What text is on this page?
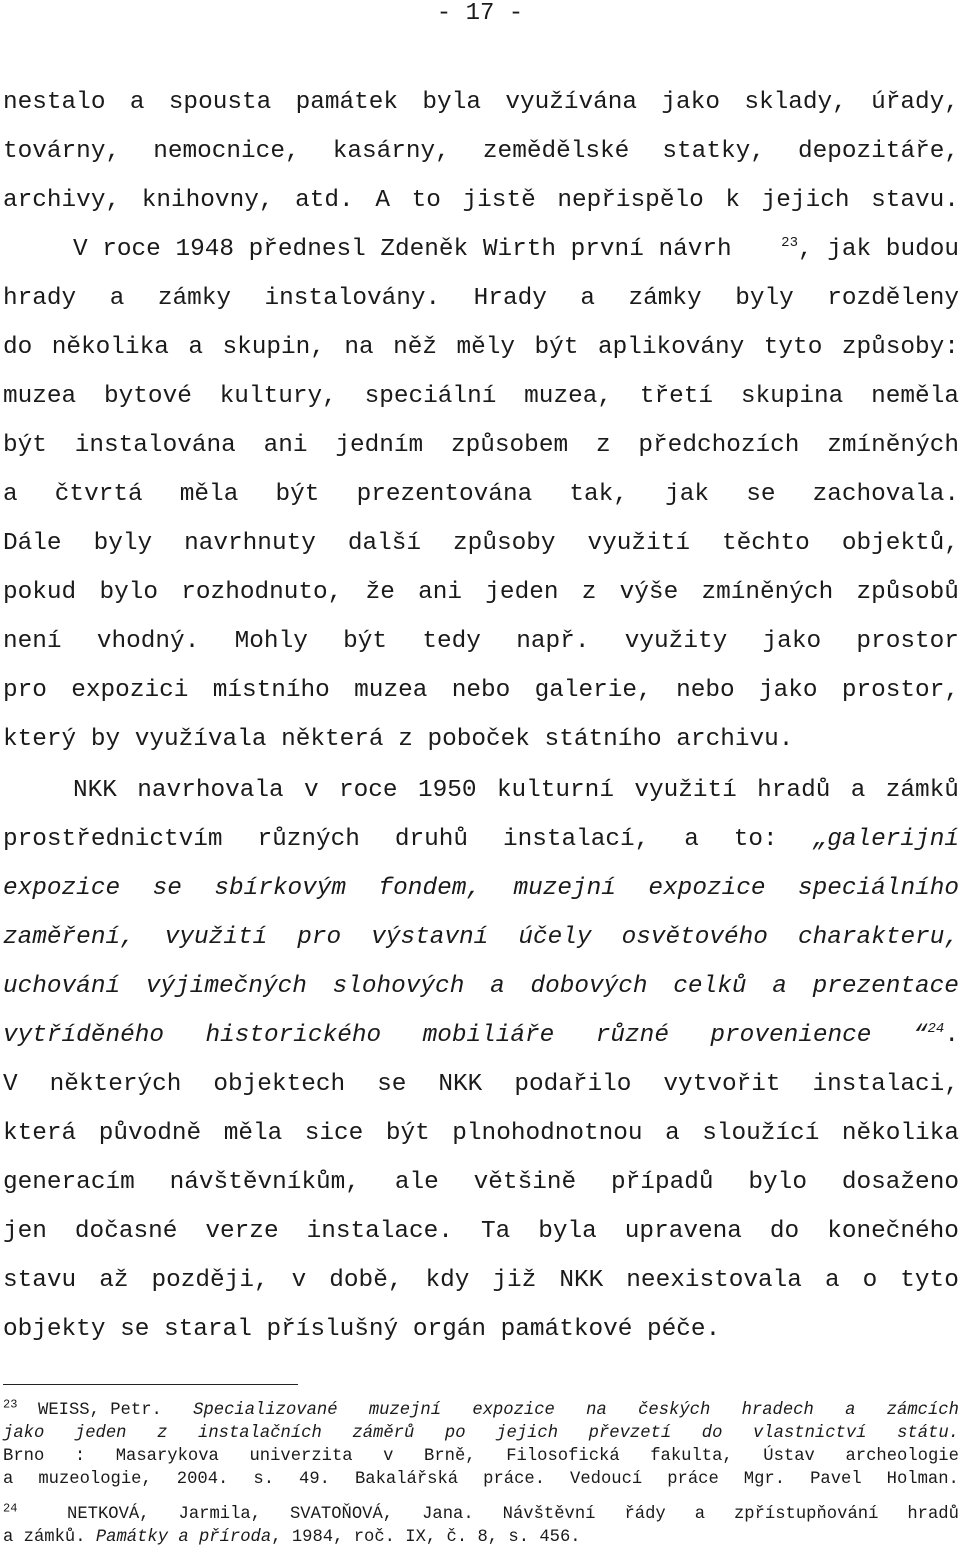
- 17 -
nestalo a spousta památek byla využívána jako sklady, úřady,
továrny, nemocnice, kasárny, zemědělské statky, depozitáře,
archivy, knihovny, atd. A to jistě nepřispělo k jejich stavu.
V roce 1948 přednesl Zdeněk Wirth první návrh	$^{23}$, jak budou
hrady a zámky instalovány. Hrady a zámky byly rozděleny
do několika a skupin, na něž měly být aplikovány tyto způsoby:
muzea bytové kultury, speciální muzea, třetí skupina neměla
být instalována ani jedním způsobem z předchozích zmíněných
a čtvrtá měla být prezentována tak, jak se zachovala.
Dále byly navrhnuty další způsoby využití těchto objektů,
pokud bylo rozhodnuto, že ani jeden z výše zmíněných způsobů
není vhodný. Mohly být tedy např. využity jako prostor
pro expozici místního muzea nebo galerie, nebo jako prostor,
který by využívala některá z poboček státního archivu.
NKK navrhovala v roce 1950 kulturní využití hradů a zámků
prostřednictvím různých druhů instalací, a to: „galerijní
expozice se sbírkovým fondem, muzejní expozice speciálního
zaměření, využití pro výstavní účely osvětového charakteru,
uchování výjimečných slohových a dobových celků a prezentace
vytříděného historického mobiliáře různé provenience “$^{24}$.
V některých objektech se NKK podařilo vytvořit instalaci,
která původně měla sice být plnohodnotnou a sloužící několika
generacím návštěvníkům, ale většině případů bylo dosaženo
jen dočasné verze instalace. Ta byla upravena do konečného
stavu až později, v době, kdy již NKK neexistovala a o tyto
objekty se staral příslušný orgán památkové péče.
$^{23}$ WEISS, Petr. Specializované muzejní expozice na českých hradech a zámcích
jako jeden z instalačních záměrů po jejich převzetí do vlastnictví státu.
Brno : Masarykova univerzita v Brně, Filosofická fakulta, Ústav archeologie
a muzeologie, 2004. s. 49. Bakalářská práce. Vedoucí práce Mgr. Pavel Holman.
$^{24}$	NETKOVÁ, Jarmila, SVATOŇOVÁ, Jana. Návštěvní řády a zpřístupňování hradů
a zámků. Památky a příroda, 1984, roč. IX, č. 8, s. 456.
